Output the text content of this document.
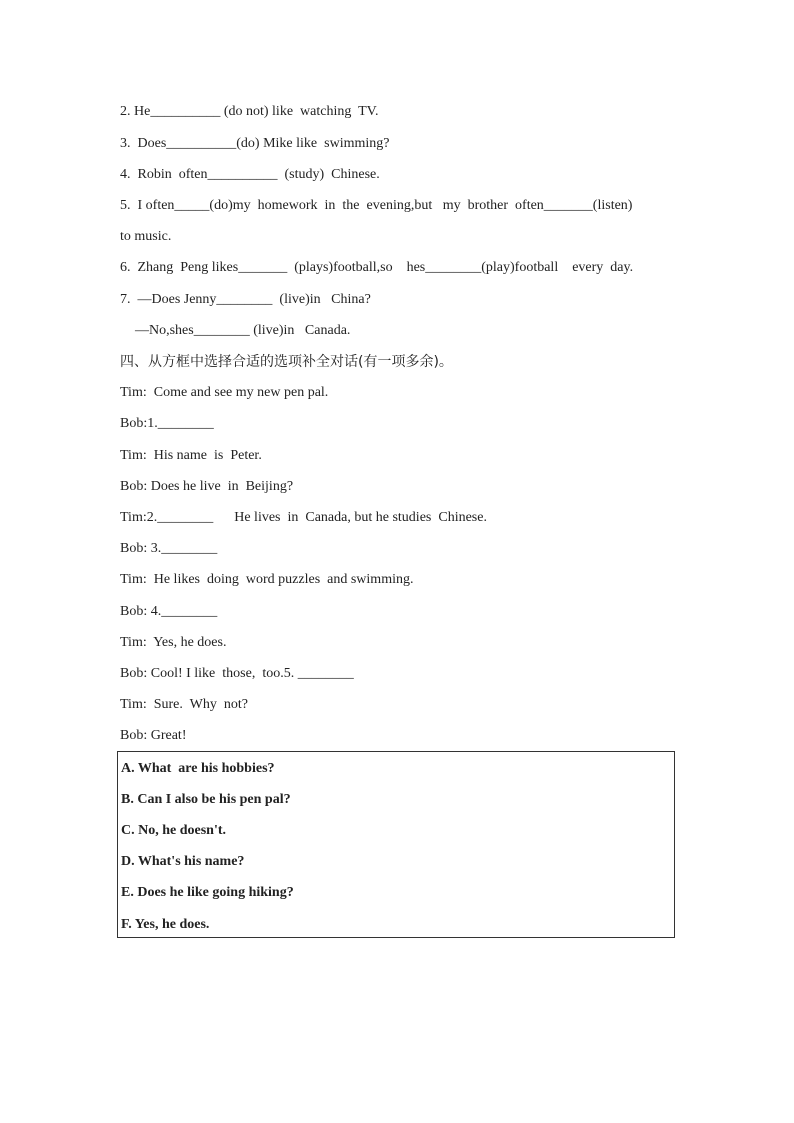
2. He__________ (do not) like  watching  TV.
3.  Does__________(do) Mike like  swimming?
4.  Robin  often__________  (study)  Chinese.
5.  I often_____(do)my  homework  in  the  evening,but   my  brother  often_______(listen)
to music.
6.  Zhang  Peng likes_______  (plays)football,so    hes________(play)football    every  day.
7.  —Does Jenny________  (live)in   China?
—No,shes________ (live)in   Canada.
四、从方框中选择合适的选项补全对话(有一项多余)。
Tim:  Come and see my new pen pal.
Bob:1.________
Tim:  His name  is  Peter.
Bob: Does he live  in  Beijing?
Tim:2.________      He lives  in  Canada, but he studies  Chinese.
Bob: 3.________
Tim:  He likes  doing  word puzzles  and swimming.
Bob: 4.________
Tim:  Yes, he does.
Bob: Cool! I like  those,  too.5. ________
Tim:  Sure.  Why  not?
Bob: Great!
A. What  are his hobbies?
B. Can I also be his pen pal?
C. No, he doesn't.
D. What's his name?
E. Does he like going hiking?
F. Yes, he does.
